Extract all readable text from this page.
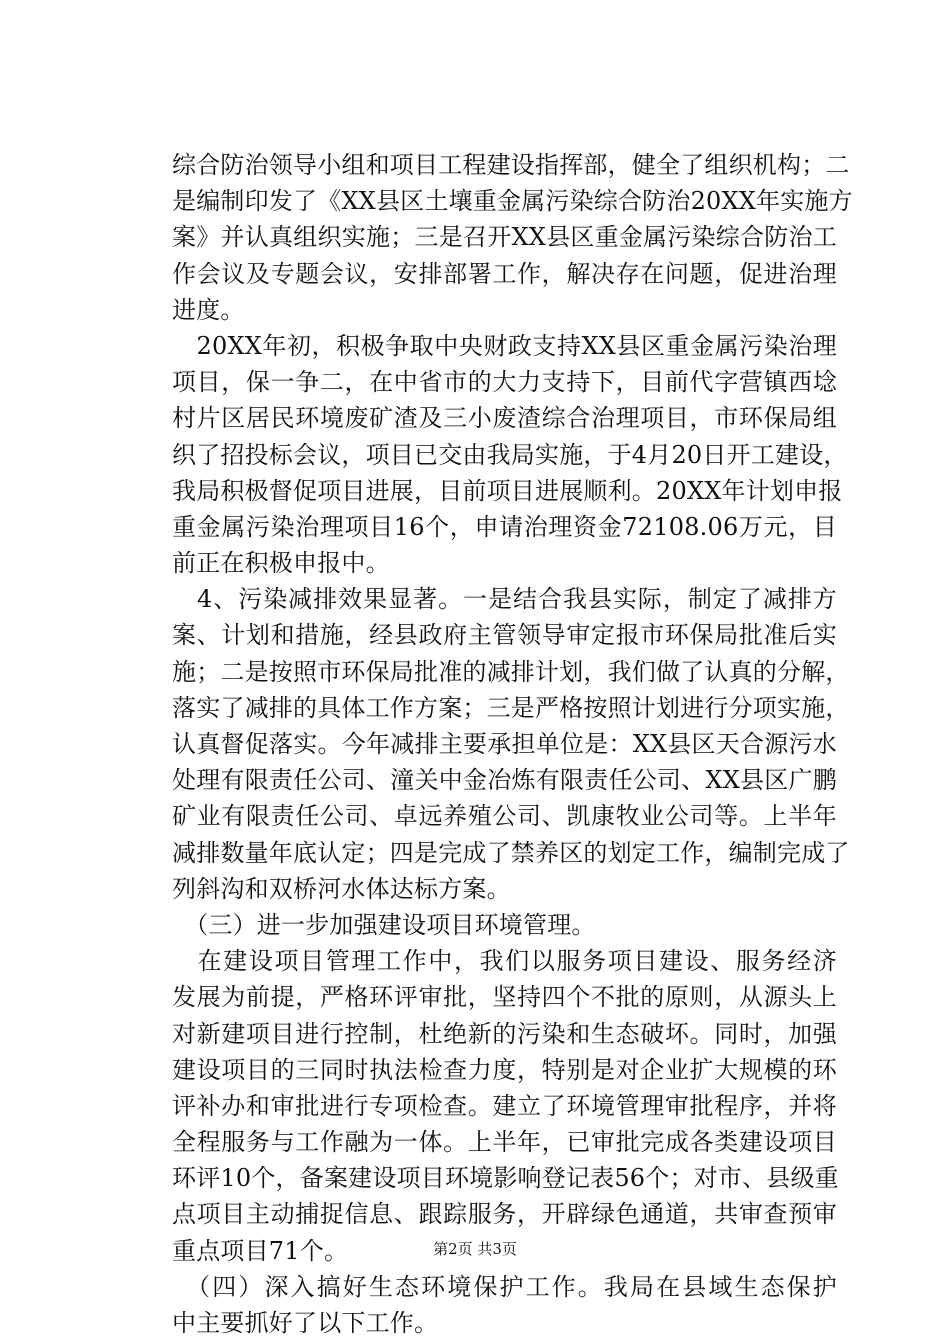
综合防治领导小组和项目工程建设指挥部，健全了组织机构；二
是编制印发了《XX县区土壤重金属污染综合防治20XX年实施方
案》并认真组织实施；三是召开XX县区重金属污染综合防治工
作会议及专题会议，安排部署工作，解决存在问题，促进治理
进度。
　20XX年初，积极争取中央财政支持XX县区重金属污染治理
项目，保一争二，在中省市的大力支持下，目前代字营镇西埝
村片区居民环境废矿渣及三小废渣综合治理项目，市环保局组
织了招投标会议，项目已交由我局实施，于4月20日开工建设，
我局积极督促项目进展，目前项目进展顺利。20XX年计划申报
重金属污染治理项目16个，申请治理资金72108.06万元，目
前正在积极申报中。
　4、污染减排效果显著。一是结合我县实际，制定了减排方
案、计划和措施，经县政府主管领导审定报市环保局批准后实
施；二是按照市环保局批准的减排计划，我们做了认真的分解，
落实了减排的具体工作方案；三是严格按照计划进行分项实施，
认真督促落实。今年减排主要承担单位是：XX县区天合源污水
处理有限责任公司、潼关中金冶炼有限责任公司、XX县区广鹏
矿业有限责任公司、卓远养殖公司、凯康牧业公司等。上半年
减排数量年底认定；四是完成了禁养区的划定工作，编制完成了
列斜沟和双桥河水体达标方案。
　（三）进一步加强建设项目环境管理。
　在建设项目管理工作中，我们以服务项目建设、服务经济
发展为前提，严格环评审批，坚持四个不批的原则，从源头上
对新建项目进行控制，杜绝新的污染和生态破坏。同时，加强
建设项目的三同时执法检查力度，特别是对企业扩大规模的环
评补办和审批进行专项检查。建立了环境管理审批程序，并将
全程服务与工作融为一体。上半年，已审批完成各类建设项目
环评10个，备案建设项目环境影响登记表56个；对市、县级重
点项目主动捕捉信息、跟踪服务，开辟绿色通道，共审查预审
重点项目71个。
　（四）深入搞好生态环境保护工作。我局在县域生态保护
中主要抓好了以下工作。
第2页 共3页
